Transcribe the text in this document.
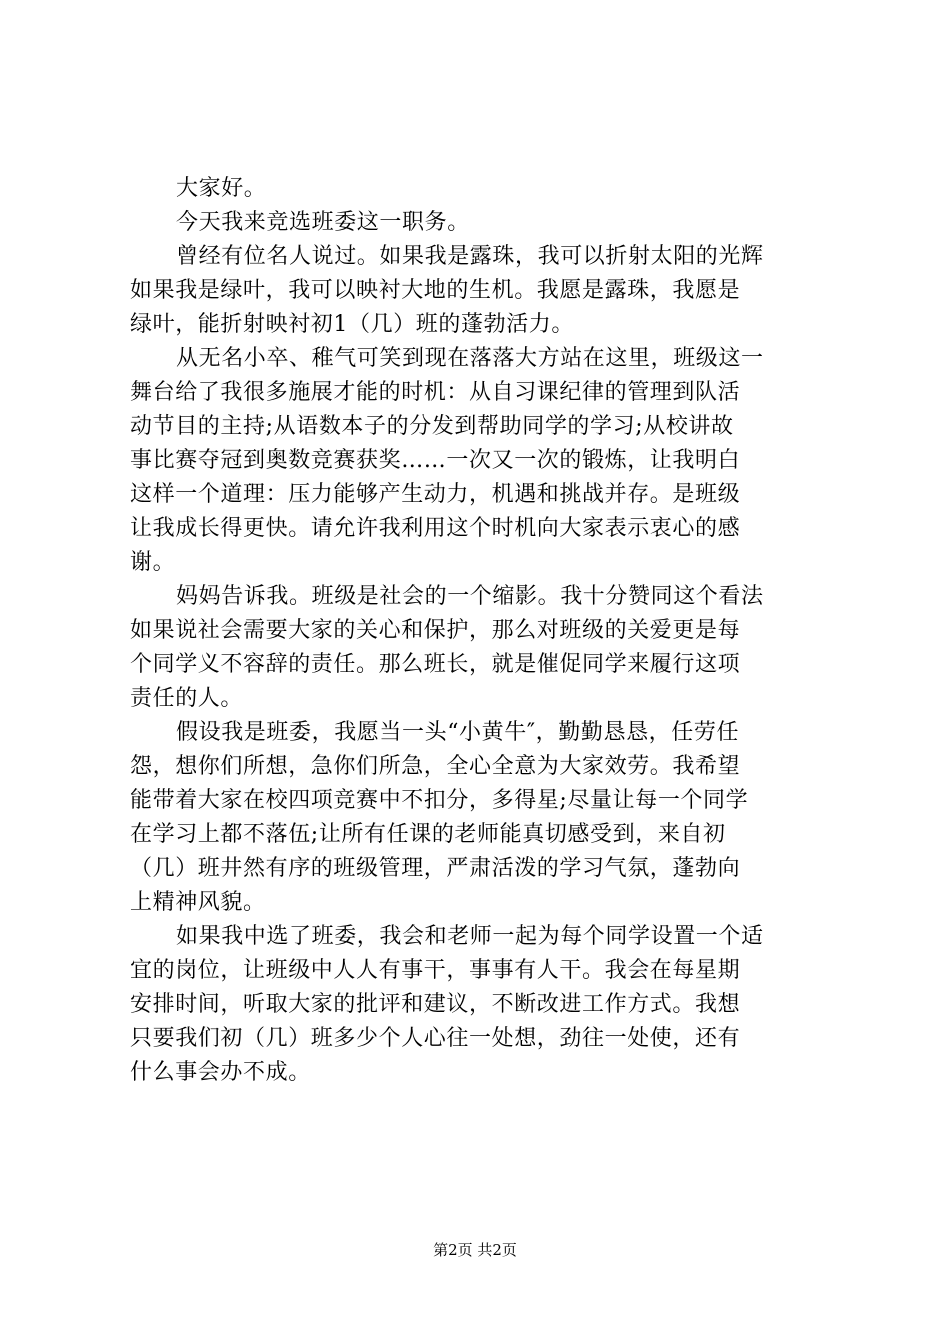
大家好。
今天我来竞选班委这一职务。
曾经有位名人说过。如果我是露珠，我可以折射太阳的光辉
如果我是绿叶，我可以映衬大地的生机。我愿是露珠，我愿是
绿叶，能折射映衬初1（几）班的蓬勃活力。
从无名小卒、稚气可笑到现在落落大方站在这里，班级这一
舞台给了我很多施展才能的时机：从自习课纪律的管理到队活
动节目的主持;从语数本子的分发到帮助同学的学习;从校讲故
事比赛夺冠到奥数竞赛获奖……一次又一次的锻炼，让我明白
这样一个道理：压力能够产生动力，机遇和挑战并存。是班级
让我成长得更快。请允许我利用这个时机向大家表示衷心的感
谢。
妈妈告诉我。班级是社会的一个缩影。我十分赞同这个看法
如果说社会需要大家的关心和保护，那么对班级的关爱更是每
个同学义不容辞的责任。那么班长，就是催促同学来履行这项
责任的人。
假设我是班委，我愿当一头“小黄牛″，勤勤恳恳，任劳任
怨，想你们所想，急你们所急，全心全意为大家效劳。我希望
能带着大家在校四项竞赛中不扣分，多得星;尽量让每一个同学
在学习上都不落伍;让所有任课的老师能真切感受到，来自初
（几）班井然有序的班级管理，严肃活泼的学习气氛，蓬勃向
上精神风貌。
如果我中选了班委，我会和老师一起为每个同学设置一个适
宜的岗位，让班级中人人有事干，事事有人干。我会在每星期
安排时间，听取大家的批评和建议，不断改进工作方式。我想
只要我们初（几）班多少个人心往一处想，劲往一处使，还有
什么事会办不成。
第2页 共2页
